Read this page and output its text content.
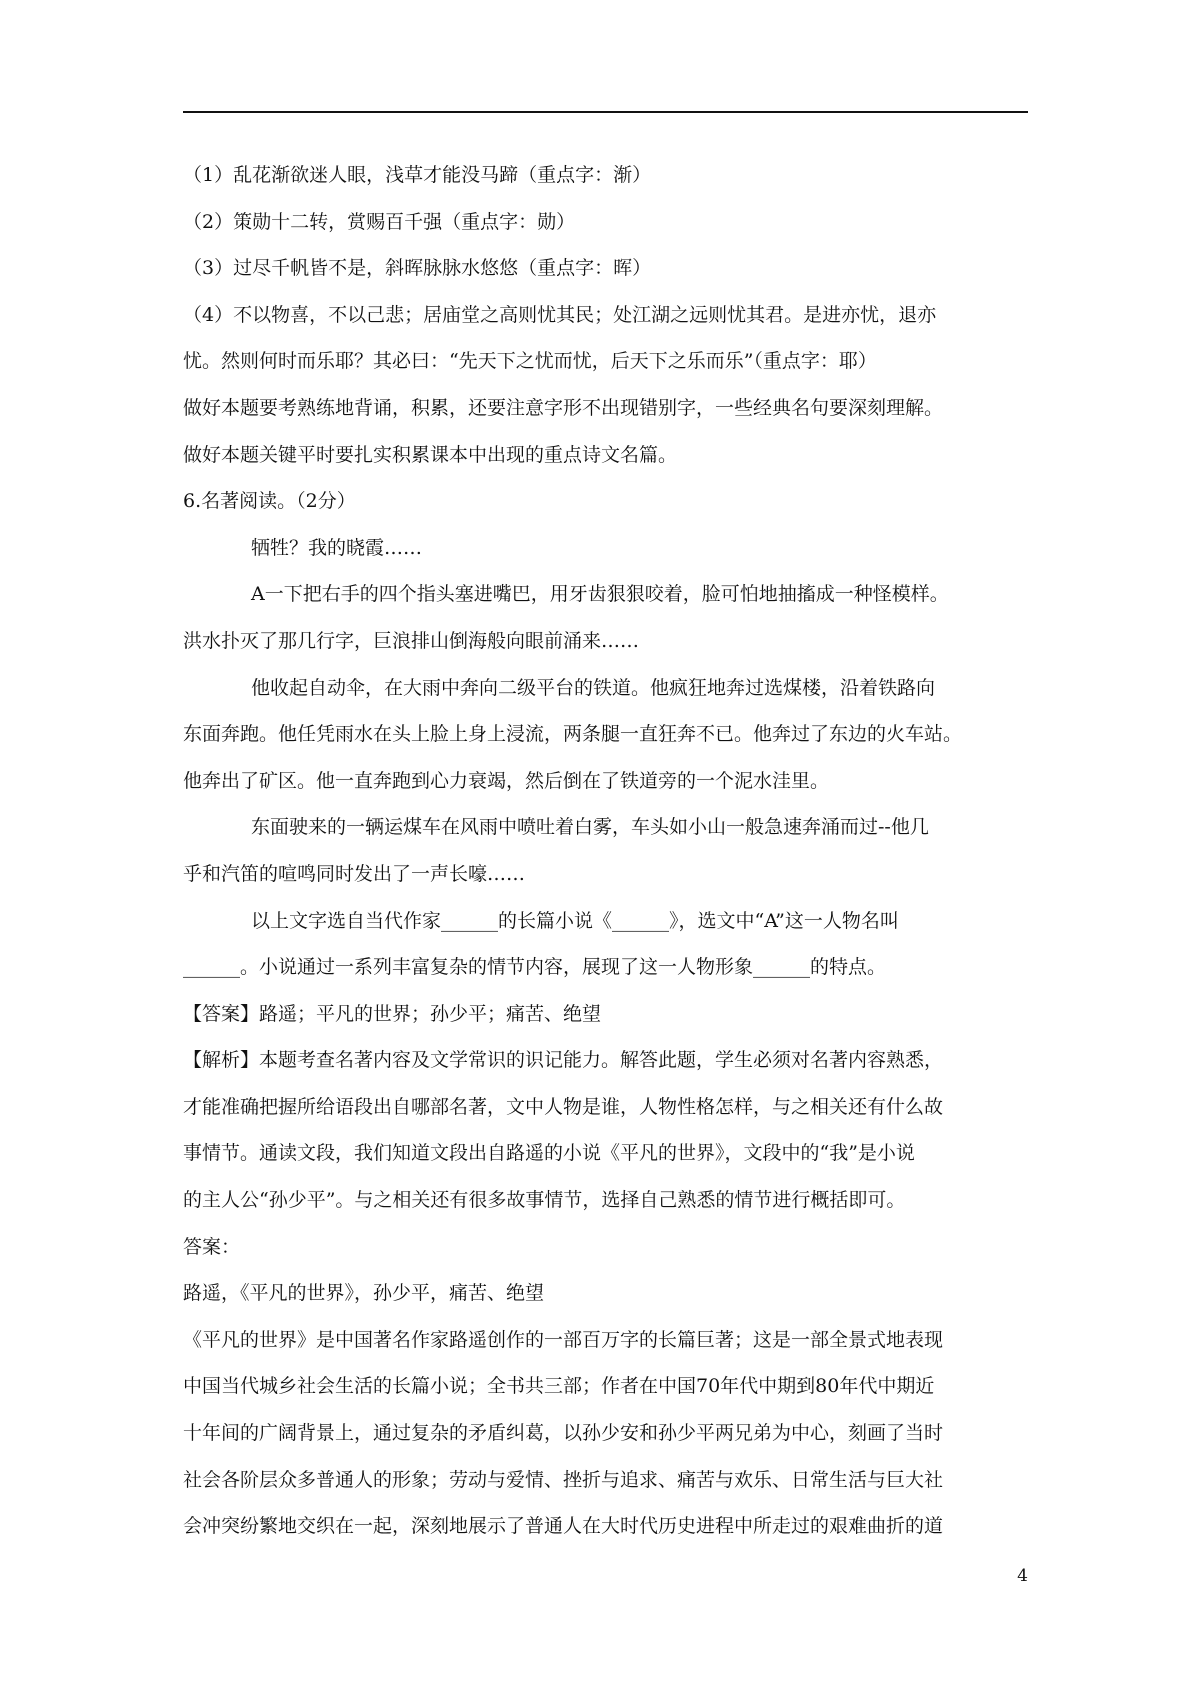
（1）乱花渐欲迷人眼，浅草才能没马蹄（重点字：渐）
（2）策勋十二转，赏赐百千强（重点字：勋）
（3）过尽千帆皆不是，斜晖脉脉水悠悠（重点字：晖）
（4）不以物喜，不以己悲；居庙堂之高则忧其民；处江湖之远则忧其君。是进亦忧，退亦
忧。然则何时而乐耶？其必曰：“先天下之忧而忧，后天下之乐而乐”（重点字：耶）
做好本题要考熟练地背诵，积累，还要注意字形不出现错别字，一些经典名句要深刻理解。
做好本题关键平时要扎实积累课本中出现的重点诗文名篇。
6.名著阅读。（2分）
牺牲？我的晓霞……
A一下把右手的四个指头塞进嘴巴，用牙齿狠狠咬着，脸可怕地抽搐成一种怪模样。
洪水扑灭了那几行字，巨浪排山倒海般向眼前涌来……
他收起自动伞，在大雨中奔向二级平台的铁道。他疯狂地奔过选煤楼，沿着铁路向
东面奔跑。他任凭雨水在头上脸上身上浸流，两条腿一直狂奔不已。他奔过了东边的火车站。
他奔出了矿区。他一直奔跑到心力衰竭，然后倒在了铁道旁的一个泥水洼里。
东面驶来的一辆运煤车在风雨中喷吐着白雾，车头如小山一般急速奔涌而过--他几
乎和汽笛的喧鸣同时发出了一声长嚎……
以上文字选自当代作家______的长篇小说《______》，选文中“A”这一人物名叫
______。小说通过一系列丰富复杂的情节内容，展现了这一人物形象______的特点。
【答案】路遥；平凡的世界；孙少平；痛苦、绝望
【解析】本题考查名著内容及文学常识的识记能力。解答此题，学生必须对名著内容熟悉，
才能准确把握所给语段出自哪部名著，文中人物是谁，人物性格怎样，与之相关还有什么故
事情节。通读文段，我们知道文段出自路遥的小说《平凡的世界》，文段中的“我”是小说
的主人公“孙少平”。与之相关还有很多故事情节，选择自己熟悉的情节进行概括即可。
答案：
路遥，《平凡的世界》，孙少平，痛苦、绝望
《平凡的世界》是中国著名作家路遥创作的一部百万字的长篇巨著；这是一部全景式地表现
中国当代城乡社会生活的长篇小说；全书共三部；作者在中国70年代中期到80年代中期近
十年间的广阔背景上，通过复杂的矛盾纠葛，以孙少安和孙少平两兄弟为中心，刻画了当时
社会各阶层众多普通人的形象；劳动与爱情、挫折与追求、痛苦与欢乐、日常生活与巨大社
会冲突纷繁地交织在一起，深刻地展示了普通人在大时代历史进程中所走过的艰难曲折的道
4
